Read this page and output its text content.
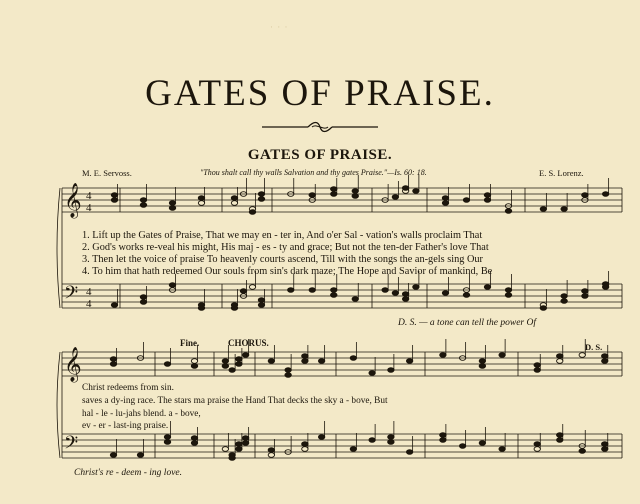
· · ·
GATES OF PRAISE.
GATES OF PRAISE.
M. E. Servoss.	"Thou shalt call thy walls Salvation and thy gates Praise."—Is. 60: 18.	E. S. Lorenz.
𝄞
𝄢
𝄞
𝄢
4
4
4
4
1. Lift up the Gates of Praise, That we may en - ter in, And o'er Sal - vation's walls proclaim That
2. God's works re-veal his might, His maj - es - ty and grace; But not the ten-der Father's love That
3. Then let the voice of praise To heavenly courts ascend, Till with the songs the an-gels sing Our
4. To him that hath redeemed Our souls from sin's dark maze; The Hope and Savior of mankind, Be
D. S. — a tone can tell the power Of
Fine.	CHORUS.	D. S.
Christ redeems from sin.
saves a dy-ing race. The stars ma praise the Hand That decks the sky a - bove, But
hal - le - lu-jahs blend. a - bove,
ev - er - last-ing praise.
Christ's re - deem - ing love.
